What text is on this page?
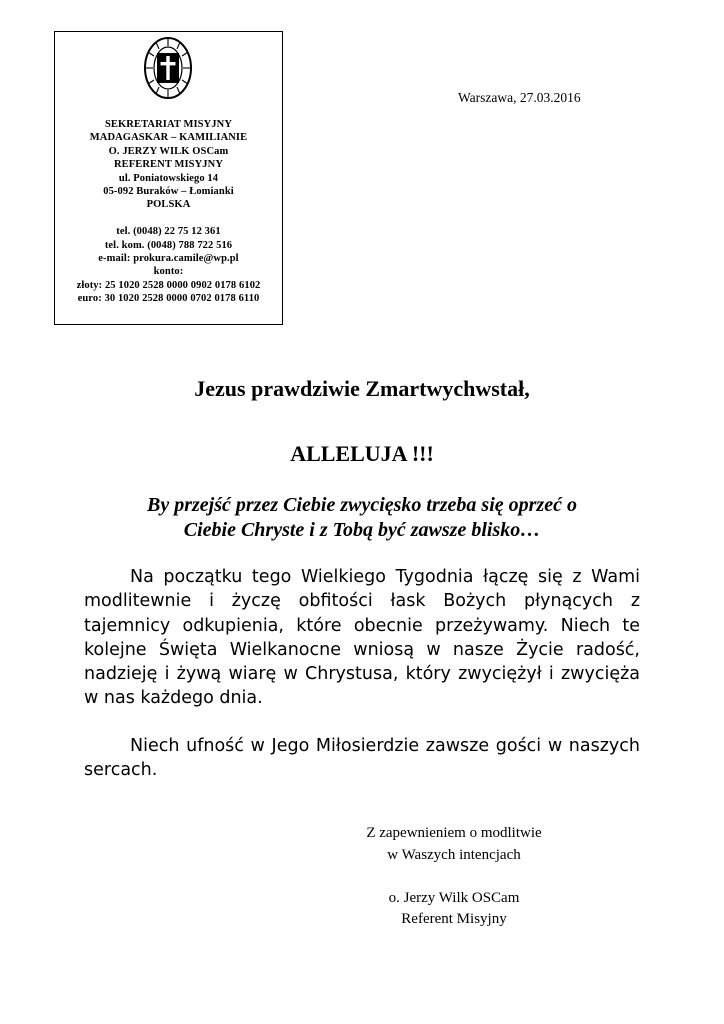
SEKRETARIAT MISYJNY
MADAGASKAR – KAMILIANIE
O. JERZY WILK OSCam
REFERENT MISYJNY
ul. Poniatowskiego 14
05-092 Buraków – Łomianki
POLSKA
tel. (0048) 22 75 12 361
tel. kom. (0048) 788 722 516
e-mail: prokura.camile@wp.pl
konto:
złoty: 25 1020 2528 0000 0902 0178 6102
euro: 30 1020 2528 0000 0702 0178 6110
Warszawa, 27.03.2016
Jezus prawdziwie Zmartwychwstał,
ALLELUJA !!!
By przejść przez Ciebie zwycięsko trzeba się oprzeć o
Ciebie Chryste i z Tobą być zawsze blisko…
Na początku tego Wielkiego Tygodnia łączę się z Wami
modlitewnie i życzę obfitości łask Bożych płynących z
tajemnicy odkupienia, które obecnie przeżywamy. Niech te
kolejne Święta Wielkanocne wniosą w nasze Życie radość,
nadzieję i żywą wiarę w Chrystusa, który zwyciężył i zwycięża
w nas każdego dnia.
Niech ufność w Jego Miłosierdzie zawsze gości w naszych
sercach.
Z zapewnieniem o modlitwie
w Waszych intencjach
o. Jerzy Wilk OSCam
Referent Misyjny
